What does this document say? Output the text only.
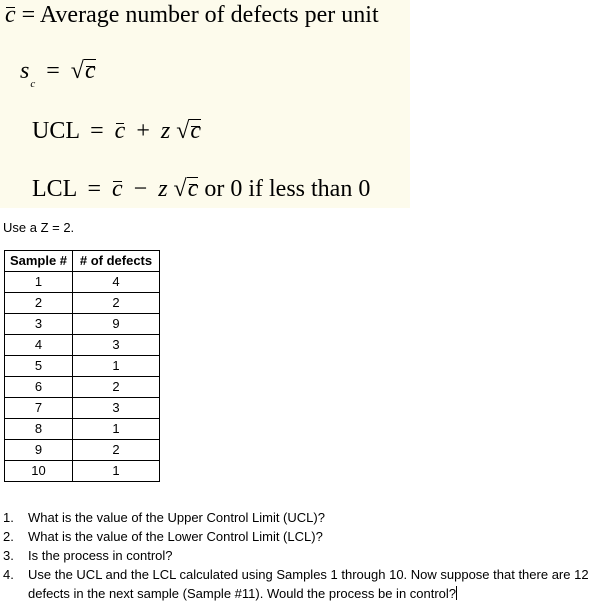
c = Average number of defects per unit
$s_c = √c$
UCL = c + z √c
LCL = c − z √c or 0 if less than 0
Use a Z = 2.
Sample #	# of defects
1	4
2	2
3	9
4	3
5	1
6	2
7	3
8	1
9	2
10	1
1. What is the value of the Upper Control Limit (UCL)?
2. What is the value of the Lower Control Limit (LCL)?
3. Is the process in control?
4. Use the UCL and the LCL calculated using Samples 1 through 10. Now suppose that there are 12 defects in the next sample (Sample #11). Would the process be in control?
